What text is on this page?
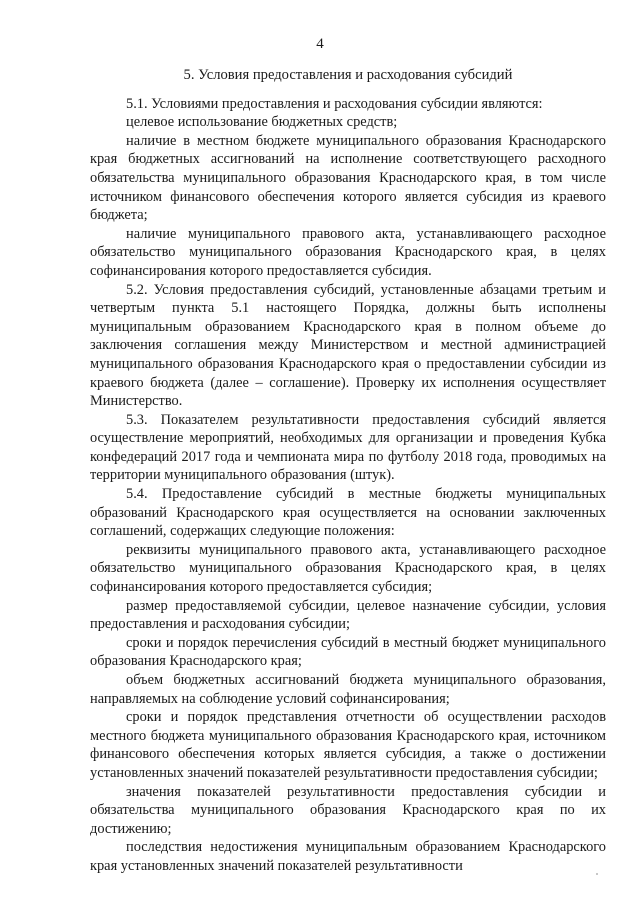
4
5. Условия предоставления и расходования субсидий

5.1. Условиями предоставления и расходования субсидии являются:

целевое использование бюджетных средств;

наличие в местном бюджете муниципального образования Краснодарского края бюджетных ассигнований на исполнение соответствующего расходного обязательства муниципального образования Краснодарского края, в том числе источником финансового обеспечения которого является субсидия из краевого бюджета;

наличие муниципального правового акта, устанавливающего расходное обязательство муниципального образования Краснодарского края, в целях софинансирования которого предоставляется субсидия.

5.2. Условия предоставления субсидий, установленные абзацами третьим и четвертым пункта 5.1 настоящего Порядка, должны быть исполнены муниципальным образованием Краснодарского края в полном объеме до заключения соглашения между Министерством и местной администрацией муниципального образования Краснодарского края о предоставлении субсидии из краевого бюджета (далее – соглашение). Проверку их исполнения осуществляет Министерство.

5.3. Показателем результативности предоставления субсидий является осуществление мероприятий, необходимых для организации и проведения Кубка конфедераций 2017 года и чемпионата мира по футболу 2018 года, проводимых на территории муниципального образования (штук).

5.4. Предоставление субсидий в местные бюджеты муниципальных образований Краснодарского края осуществляется на основании заключенных соглашений, содержащих следующие положения:

реквизиты муниципального правового акта, устанавливающего расходное обязательство муниципального образования Краснодарского края, в целях софинансирования которого предоставляется субсидия;

размер предоставляемой субсидии, целевое назначение субсидии, условия предоставления и расходования субсидии;

сроки и порядок перечисления субсидий в местный бюджет муниципального образования Краснодарского края;

объем бюджетных ассигнований бюджета муниципального образования, направляемых на соблюдение условий софинансирования;

сроки и порядок представления отчетности об осуществлении расходов местного бюджета муниципального образования Краснодарского края, источником финансового обеспечения которых является субсидия, а также о достижении установленных значений показателей результативности предоставления субсидии;

значения показателей результативности предоставления субсидии и обязательства муниципального образования Краснодарского края по их достижению;

последствия недостижения муниципальным образованием Краснодарского края установленных значений показателей результативности
